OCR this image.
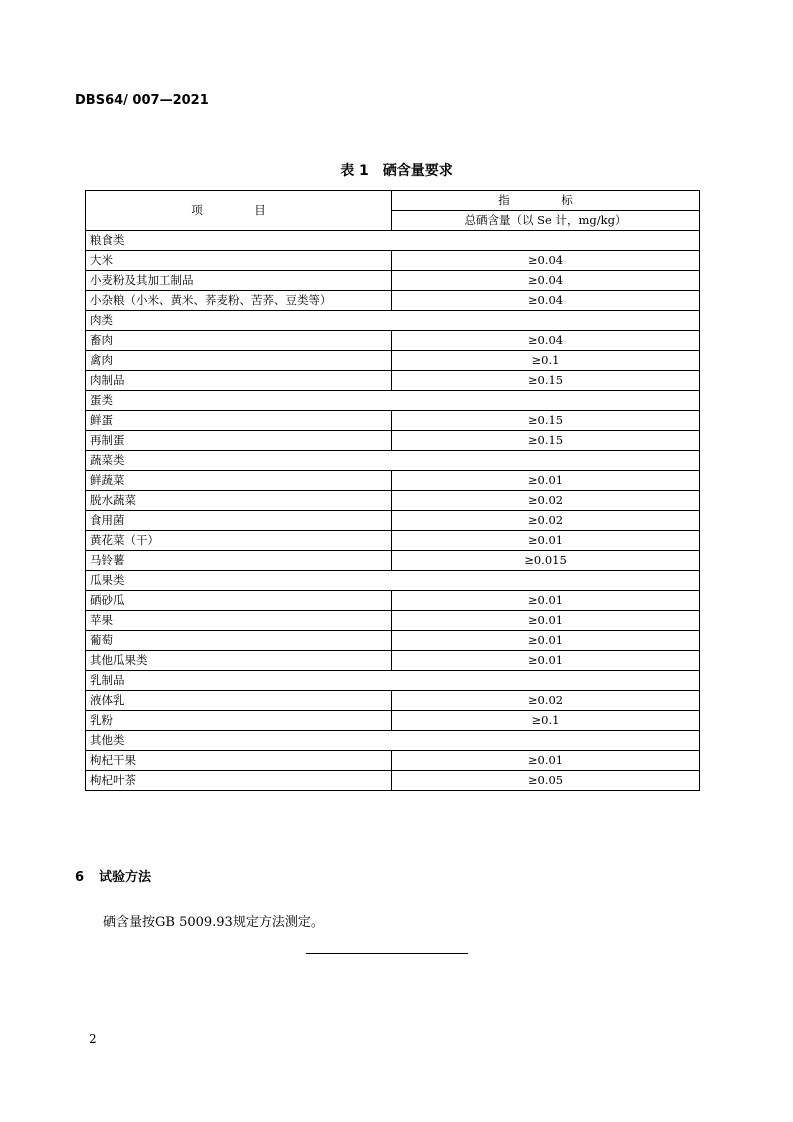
DBS64/ 007—2021
表 1　硒含量要求
项　目	指　标
	总硒含量（以 Se 计，mg/kg）
粮食类	
大米	≥0.04
小麦粉及其加工制品	≥0.04
小杂粮（小米、黄米、荞麦粉、苦荞、豆类等）	≥0.04
肉类	
畜肉	≥0.04
禽肉	≥0.1
肉制品	≥0.15
蛋类	
鲜蛋	≥0.15
再制蛋	≥0.15
蔬菜类	
鲜蔬菜	≥0.01
脱水蔬菜	≥0.02
食用菌	≥0.02
黄花菜（干）	≥0.01
马铃薯	≥0.015
瓜果类	
硒砂瓜	≥0.01
苹果	≥0.01
葡萄	≥0.01
其他瓜果类	≥0.01
乳制品	
液体乳	≥0.02
乳粉	≥0.1
其他类	
枸杞干果	≥0.01
枸杞叶茶	≥0.05
6 试验方法
硒含量按GB 5009.93规定方法测定。
2
